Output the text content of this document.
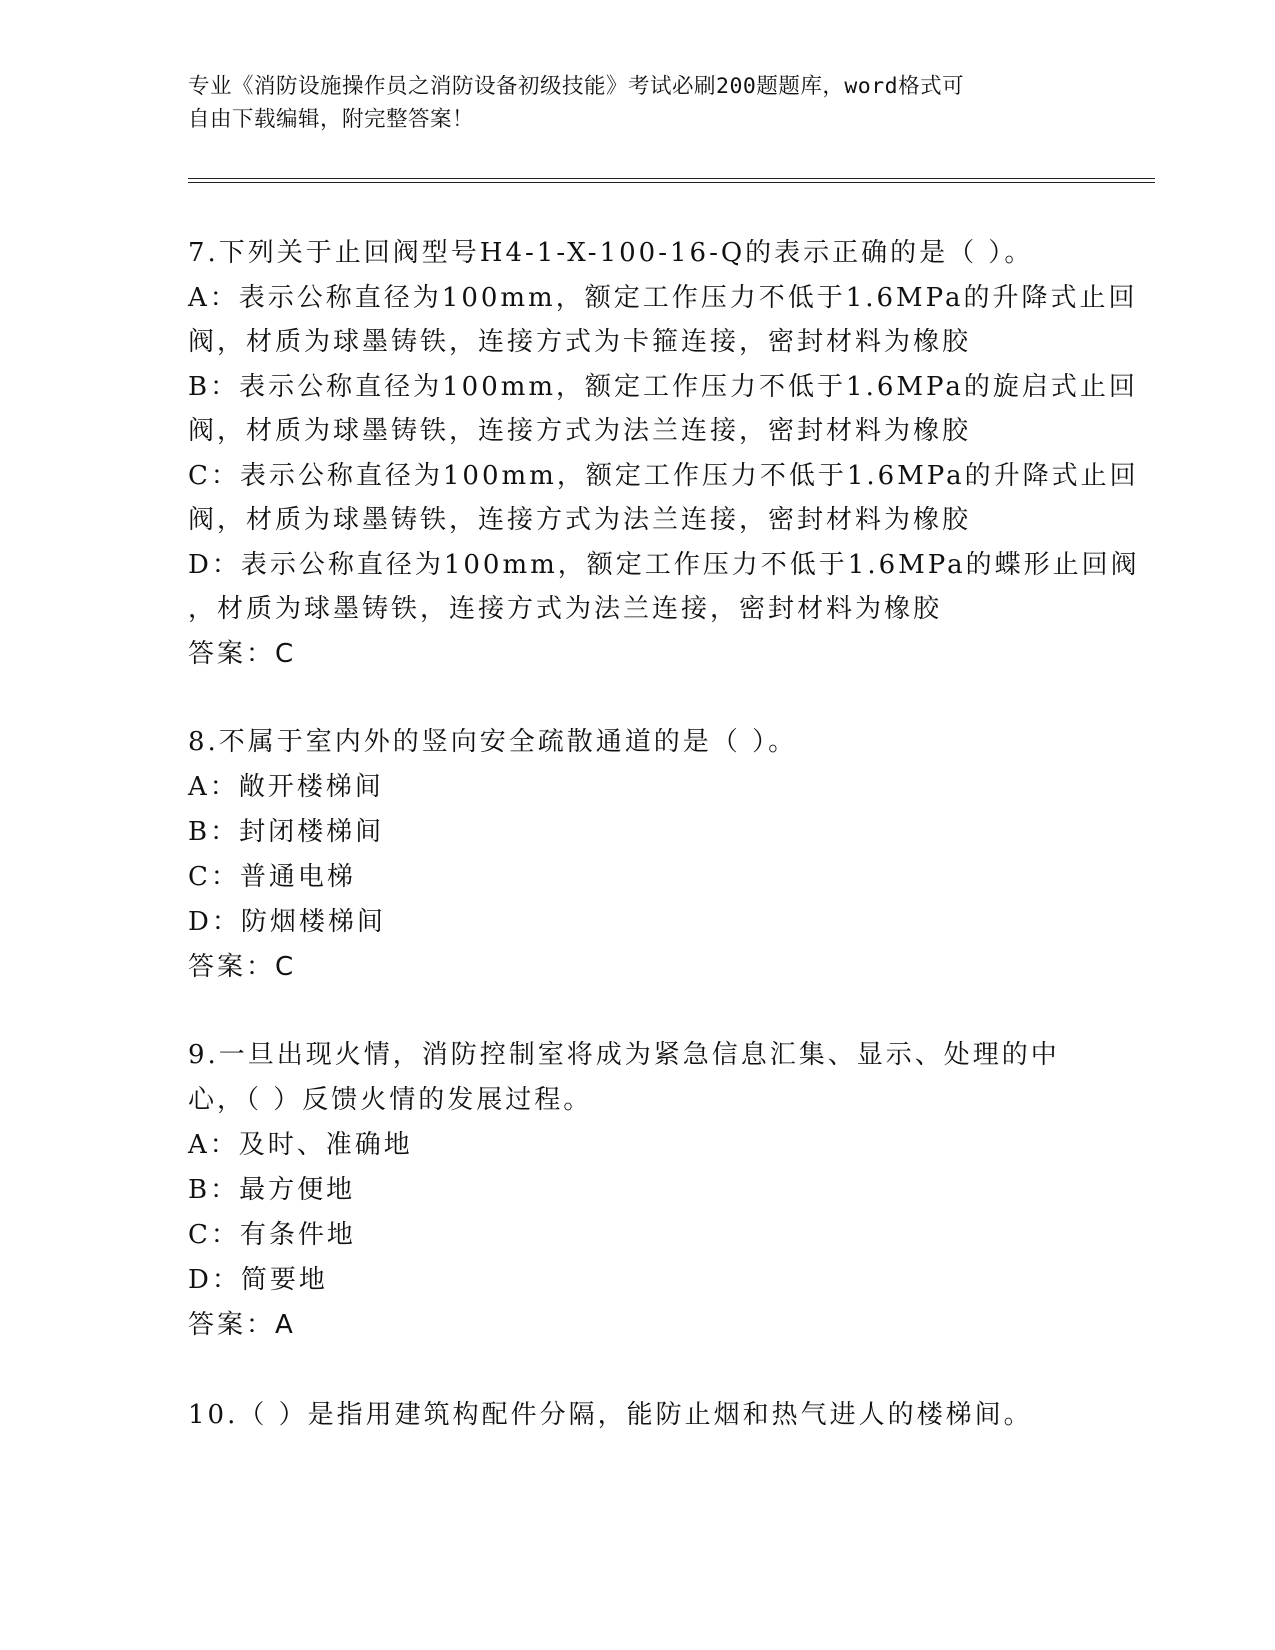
专业《消防设施操作员之消防设备初级技能》考试必刷200题题库，word格式可
自由下载编辑，附完整答案！
7.下列关于止回阀型号H4-1-X-100-16-Q的表示正确的是（ ）。
A：表示公称直径为100mm，额定工作压力不低于1.6MPa的升降式止回
阀，材质为球墨铸铁，连接方式为卡箍连接，密封材料为橡胶
B：表示公称直径为100mm，额定工作压力不低于1.6MPa的旋启式止回
阀，材质为球墨铸铁，连接方式为法兰连接，密封材料为橡胶
C：表示公称直径为100mm，额定工作压力不低于1.6MPa的升降式止回
阀，材质为球墨铸铁，连接方式为法兰连接，密封材料为橡胶
D：表示公称直径为100mm，额定工作压力不低于1.6MPa的蝶形止回阀
，材质为球墨铸铁，连接方式为法兰连接，密封材料为橡胶
答案：C
8.不属于室内外的竖向安全疏散通道的是（ ）。
A：敞开楼梯间
B：封闭楼梯间
C：普通电梯
D：防烟楼梯间
答案：C
9.一旦出现火情，消防控制室将成为紧急信息汇集、显示、处理的中
心，（ ）反馈火情的发展过程。
A：及时、准确地
B：最方便地
C：有条件地
D：简要地
答案：A
10.（ ）是指用建筑构配件分隔，能防止烟和热气进人的楼梯间。
